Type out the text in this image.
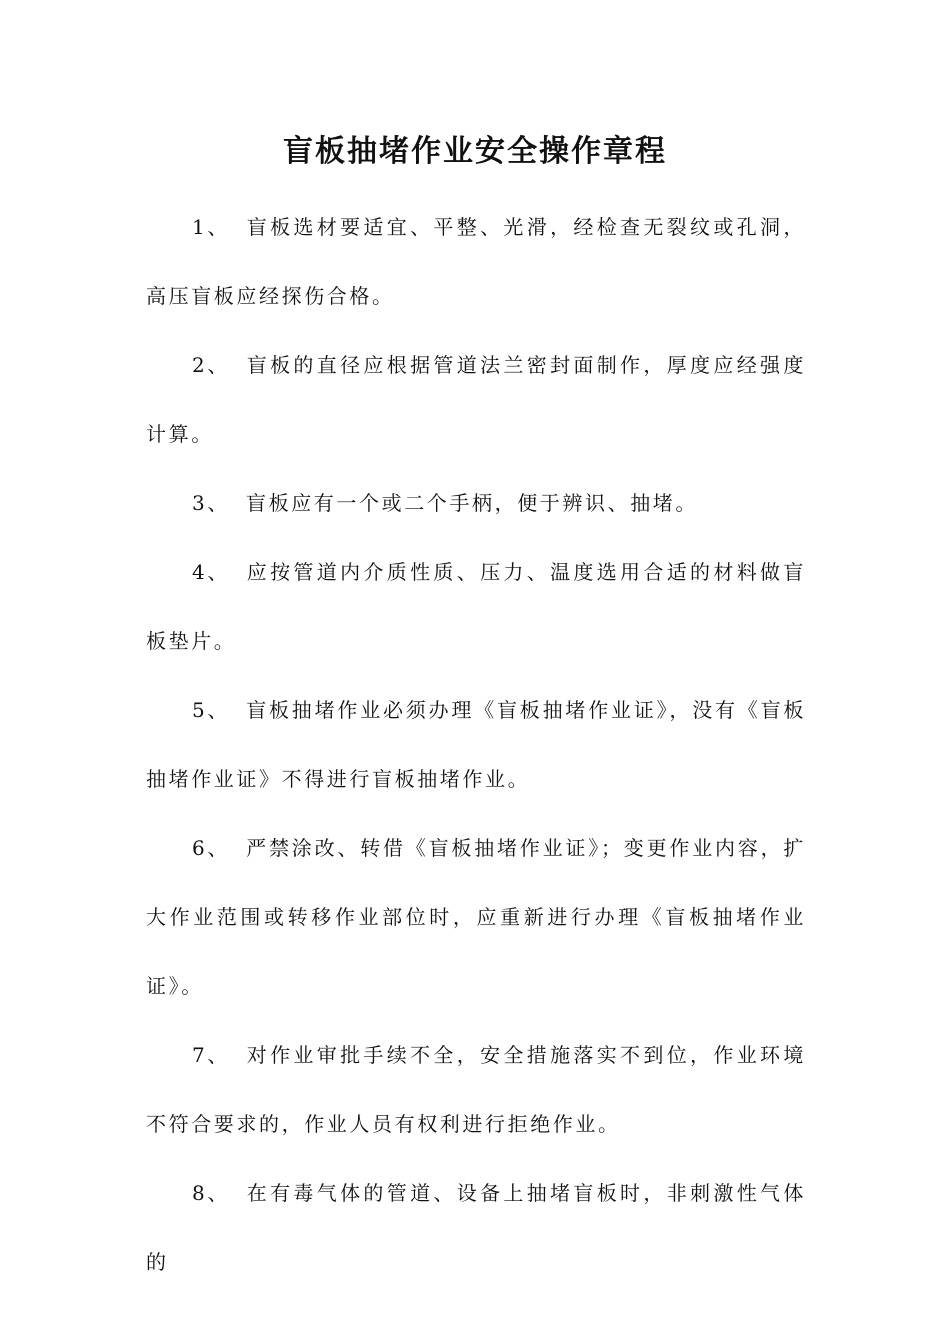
盲板抽堵作业安全操作章程

1、 盲板选材要适宜、平整、光滑，经检查无裂纹或孔洞，高压盲板应经探伤合格。

2、 盲板的直径应根据管道法兰密封面制作，厚度应经强度计算。

3、 盲板应有一个或二个手柄，便于辨识、抽堵。

4、 应按管道内介质性质、压力、温度选用合适的材料做盲板垫片。

5、 盲板抽堵作业必须办理《盲板抽堵作业证》，没有《盲板抽堵作业证》不得进行盲板抽堵作业。

6、 严禁涂改、转借《盲板抽堵作业证》；变更作业内容，扩大作业范围或转移作业部位时，应重新进行办理《盲板抽堵作业证》。

7、 对作业审批手续不全，安全措施落实不到位，作业环境不符合要求的，作业人员有权利进行拒绝作业。

8、 在有毒气体的管道、设备上抽堵盲板时，非刺激性气体的
